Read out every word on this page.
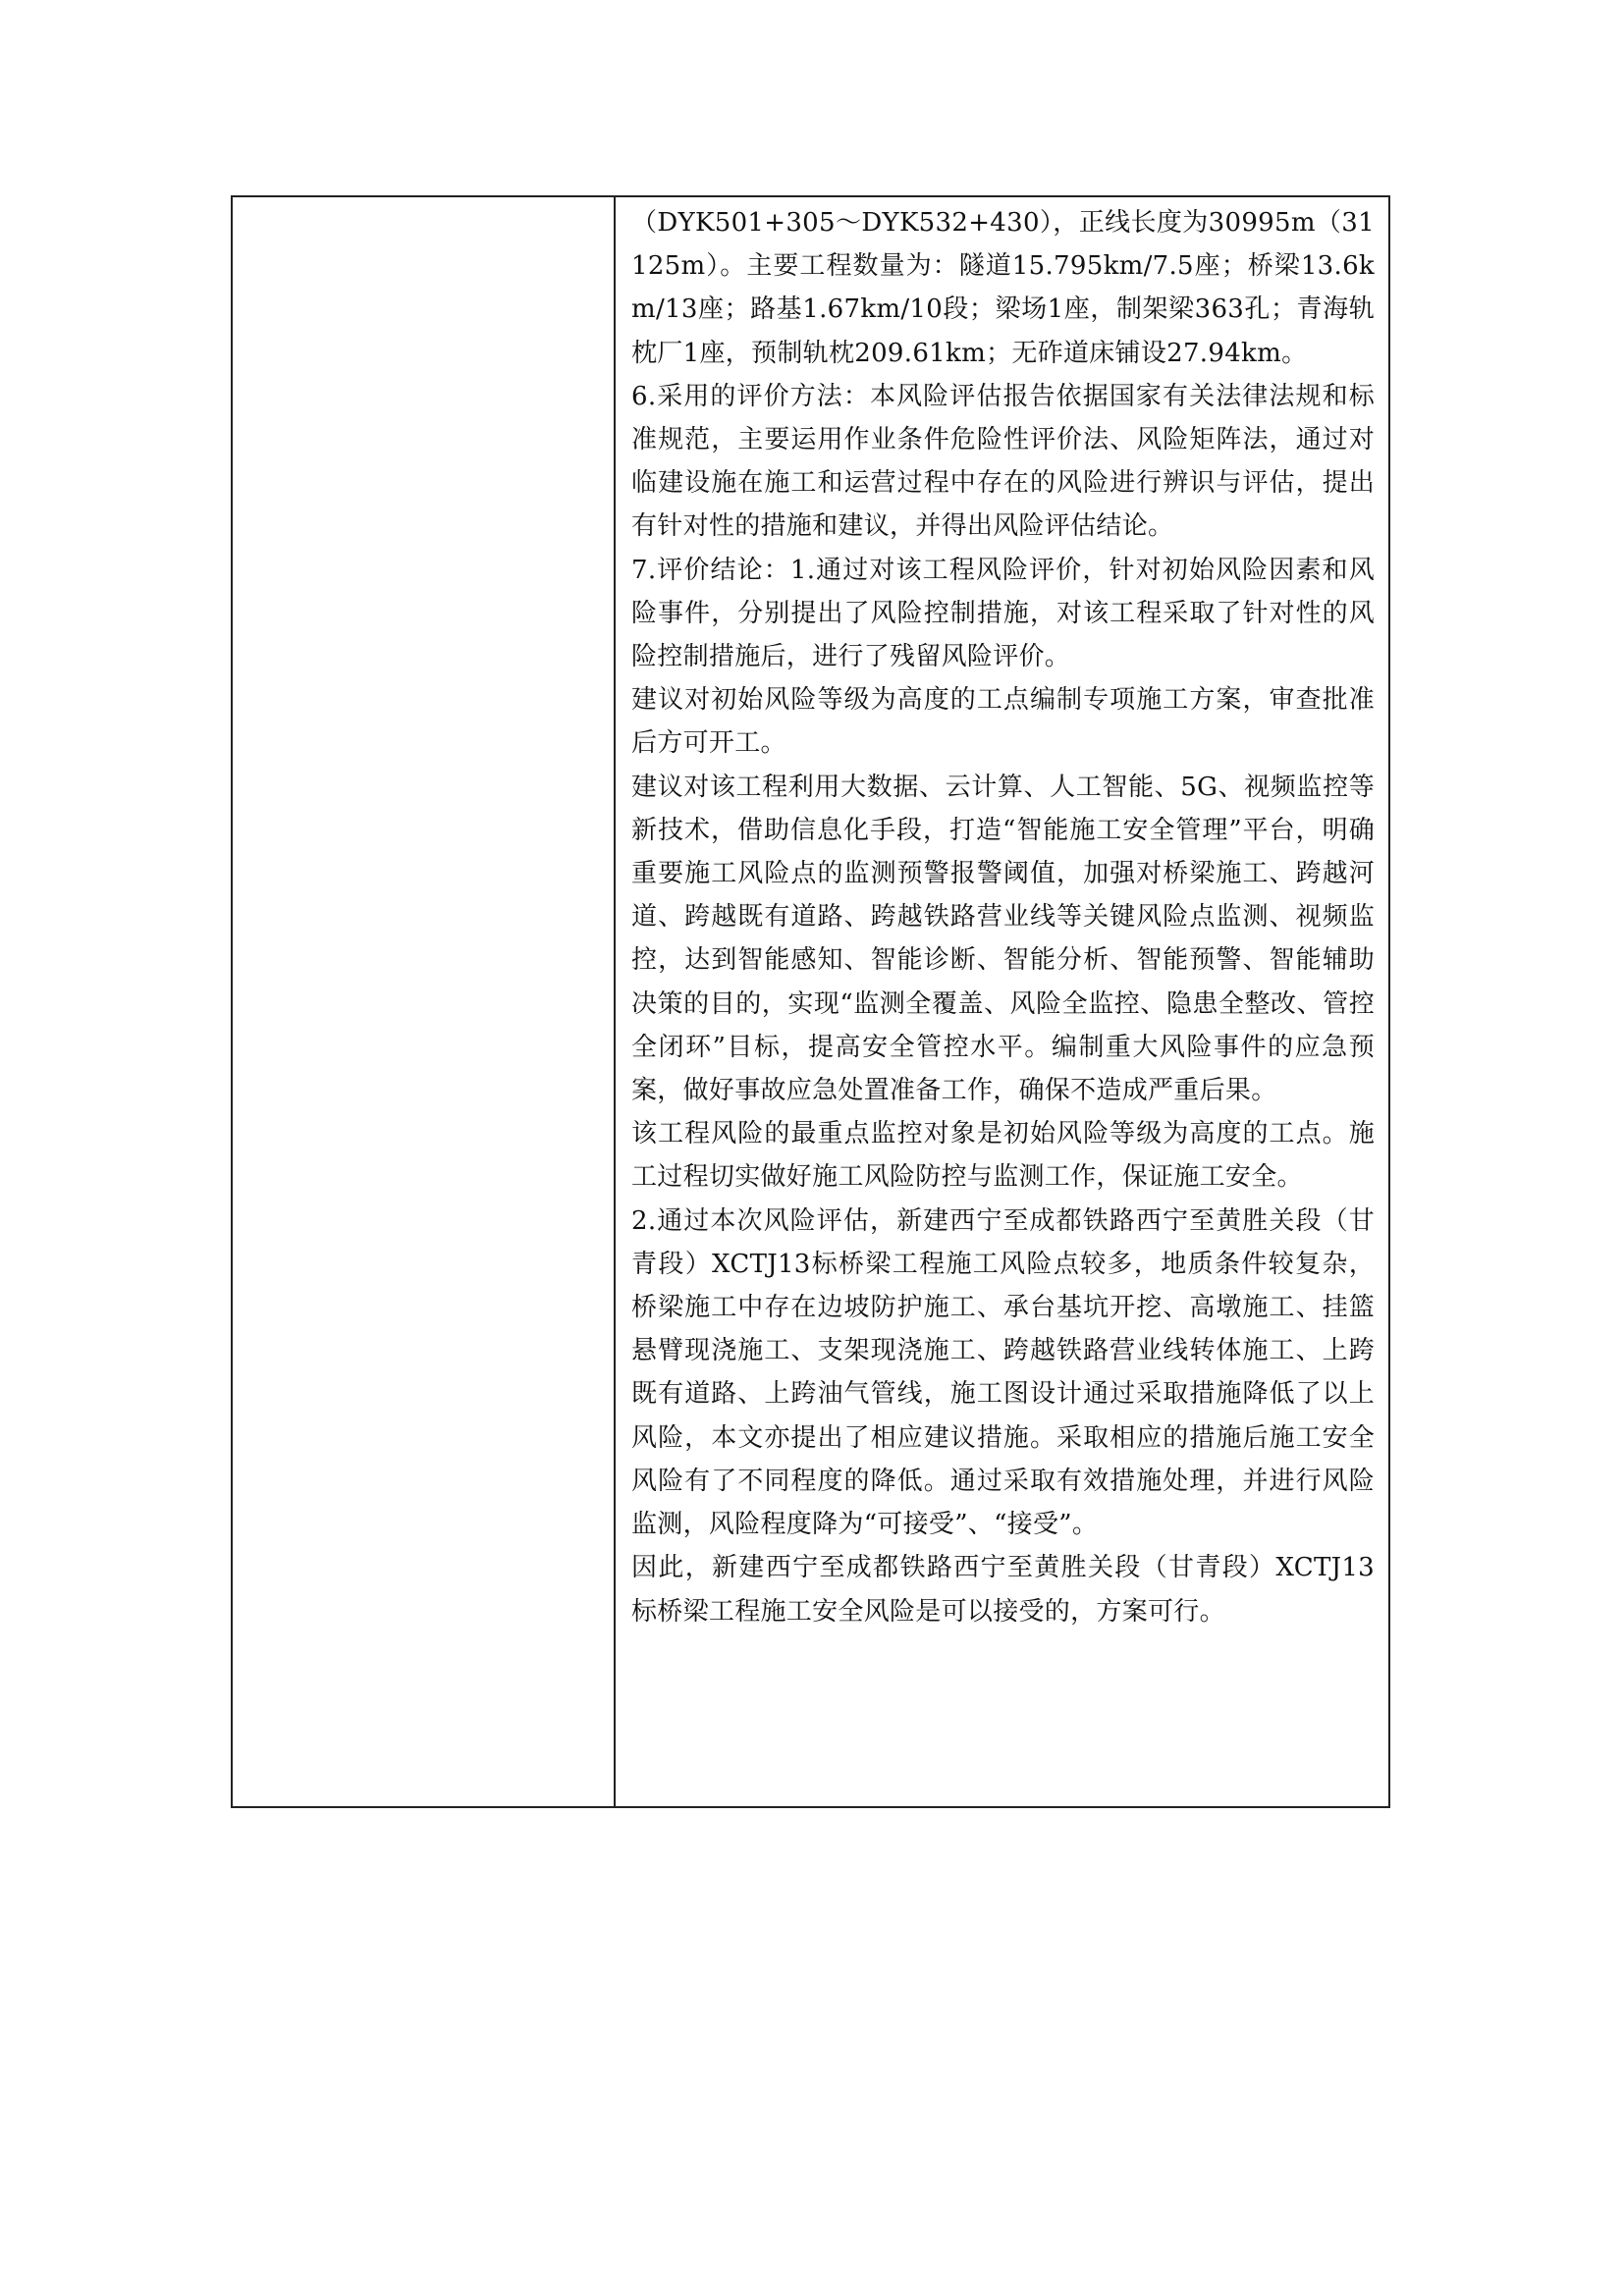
（DYK501+305～DYK532+430），正线长度为30995m（31125m）。主要工程数量为：隧道15.795km/7.5座；桥梁13.6km/13座；路基1.67km/10段；梁场1座，制架梁363孔；青海轨枕厂1座，预制轨枕209.61km；无砟道床铺设27.94km。

6.采用的评价方法：本风险评估报告依据国家有关法律法规和标准规范，主要运用作业条件危险性评价法、风险矩阵法，通过对临建设施在施工和运营过程中存在的风险进行辨识与评估，提出有针对性的措施和建议，并得出风险评估结论。

7.评价结论：1.通过对该工程风险评价，针对初始风险因素和风险事件，分别提出了风险控制措施，对该工程采取了针对性的风险控制措施后，进行了残留风险评价。

建议对初始风险等级为高度的工点编制专项施工方案，审查批准后方可开工。

建议对该工程利用大数据、云计算、人工智能、5G、视频监控等新技术，借助信息化手段，打造“智能施工安全管理”平台，明确重要施工风险点的监测预警报警阈值，加强对桥梁施工、跨越河道、跨越既有道路、跨越铁路营业线等关键风险点监测、视频监控，达到智能感知、智能诊断、智能分析、智能预警、智能辅助决策的目的，实现“监测全覆盖、风险全监控、隐患全整改、管控全闭环”目标，提高安全管控水平。编制重大风险事件的应急预案，做好事故应急处置准备工作，确保不造成严重后果。

该工程风险的最重点监控对象是初始风险等级为高度的工点。施工过程切实做好施工风险防控与监测工作，保证施工安全。

2.通过本次风险评估，新建西宁至成都铁路西宁至黄胜关段（甘青段）XCTJ13标桥梁工程施工风险点较多，地质条件较复杂，桥梁施工中存在边坡防护施工、承台基坑开挖、高墩施工、挂篮悬臂现浇施工、支架现浇施工、跨越铁路营业线转体施工、上跨既有道路、上跨油气管线，施工图设计通过采取措施降低了以上风险，本文亦提出了相应建议措施。采取相应的措施后施工安全风险有了不同程度的降低。通过采取有效措施处理，并进行风险监测，风险程度降为“可接受”、“接受”。

因此，新建西宁至成都铁路西宁至黄胜关段（甘青段）XCTJ13标桥梁工程施工安全风险是可以接受的，方案可行。
